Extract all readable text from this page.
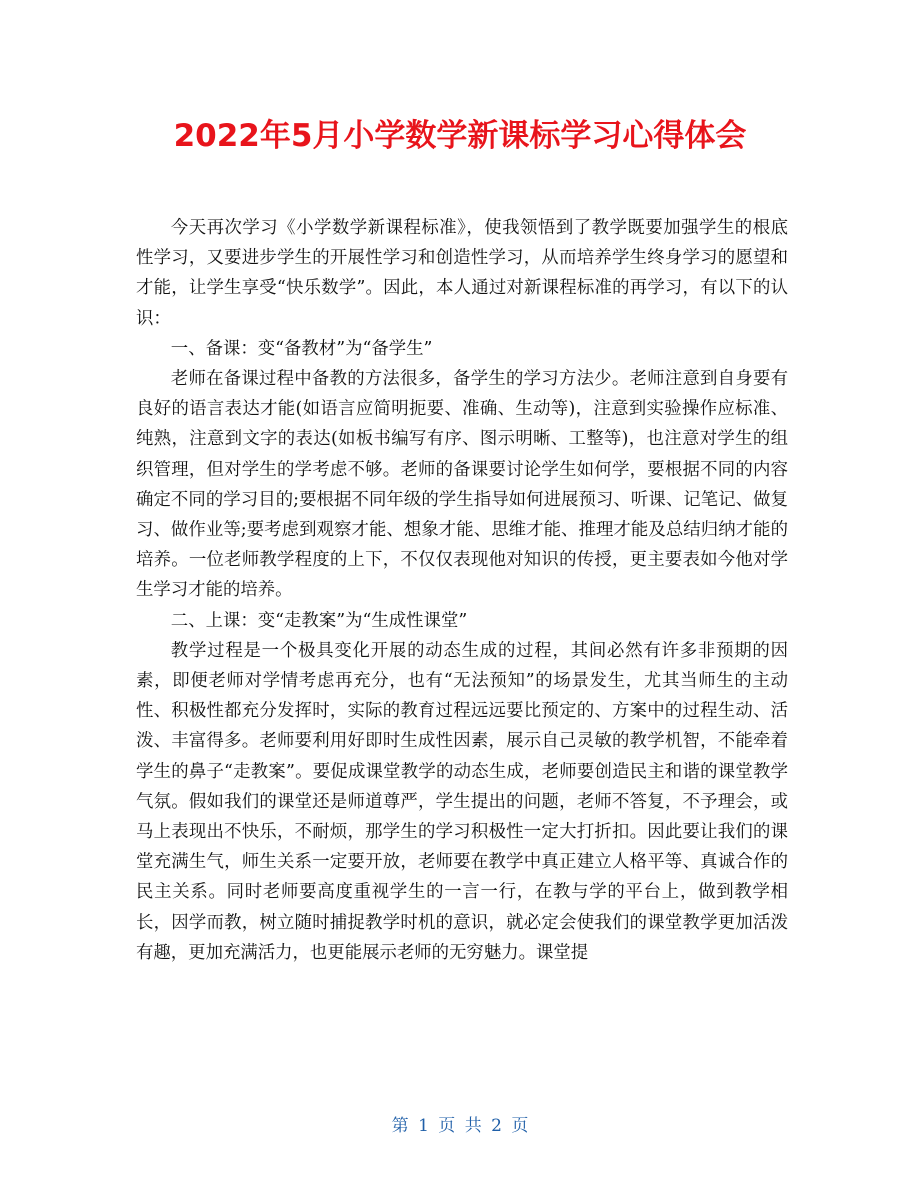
2022年5月小学数学新课标学习心得体会

今天再次学习《小学数学新课程标准》，使我领悟到了教学既要加强学生的根底性学习，又要进步学生的开展性学习和创造性学习，从而培养学生终身学习的愿望和才能，让学生享受“快乐数学”。因此，本人通过对新课程标准的再学习，有以下的认识：

一、备课：变“备教材”为“备学生”

老师在备课过程中备教的方法很多，备学生的学习方法少。老师注意到自身要有良好的语言表达才能(如语言应简明扼要、准确、生动等)，注意到实验操作应标准、纯熟，注意到文字的表达(如板书编写有序、图示明晰、工整等)，也注意对学生的组织管理，但对学生的学考虑不够。老师的备课要讨论学生如何学，要根据不同的内容确定不同的学习目的;要根据不同年级的学生指导如何进展预习、听课、记笔记、做复习、做作业等;要考虑到观察才能、想象才能、思维才能、推理才能及总结归纳才能的培养。一位老师教学程度的上下，不仅仅表现他对知识的传授，更主要表如今他对学生学习才能的培养。

二、上课：变“走教案”为“生成性课堂”

教学过程是一个极具变化开展的动态生成的过程，其间必然有许多非预期的因素，即便老师对学情考虑再充分，也有“无法预知”的场景发生，尤其当师生的主动性、积极性都充分发挥时，实际的教育过程远远要比预定的、方案中的过程生动、活泼、丰富得多。老师要利用好即时生成性因素，展示自己灵敏的教学机智，不能牵着学生的鼻子“走教案”。要促成课堂教学的动态生成，老师要创造民主和谐的课堂教学气氛。假如我们的课堂还是师道尊严，学生提出的问题，老师不答复，不予理会，或马上表现出不快乐，不耐烦，那学生的学习积极性一定大打折扣。因此要让我们的课堂充满生气，师生关系一定要开放，老师要在教学中真正建立人格平等、真诚合作的民主关系。同时老师要高度重视学生的一言一行，在教与学的平台上，做到教学相长，因学而教，树立随时捕捉教学时机的意识，就必定会使我们的课堂教学更加活泼有趣，更加充满活力，也更能展示老师的无穷魅力。课堂提

第 1 页 共 2 页
